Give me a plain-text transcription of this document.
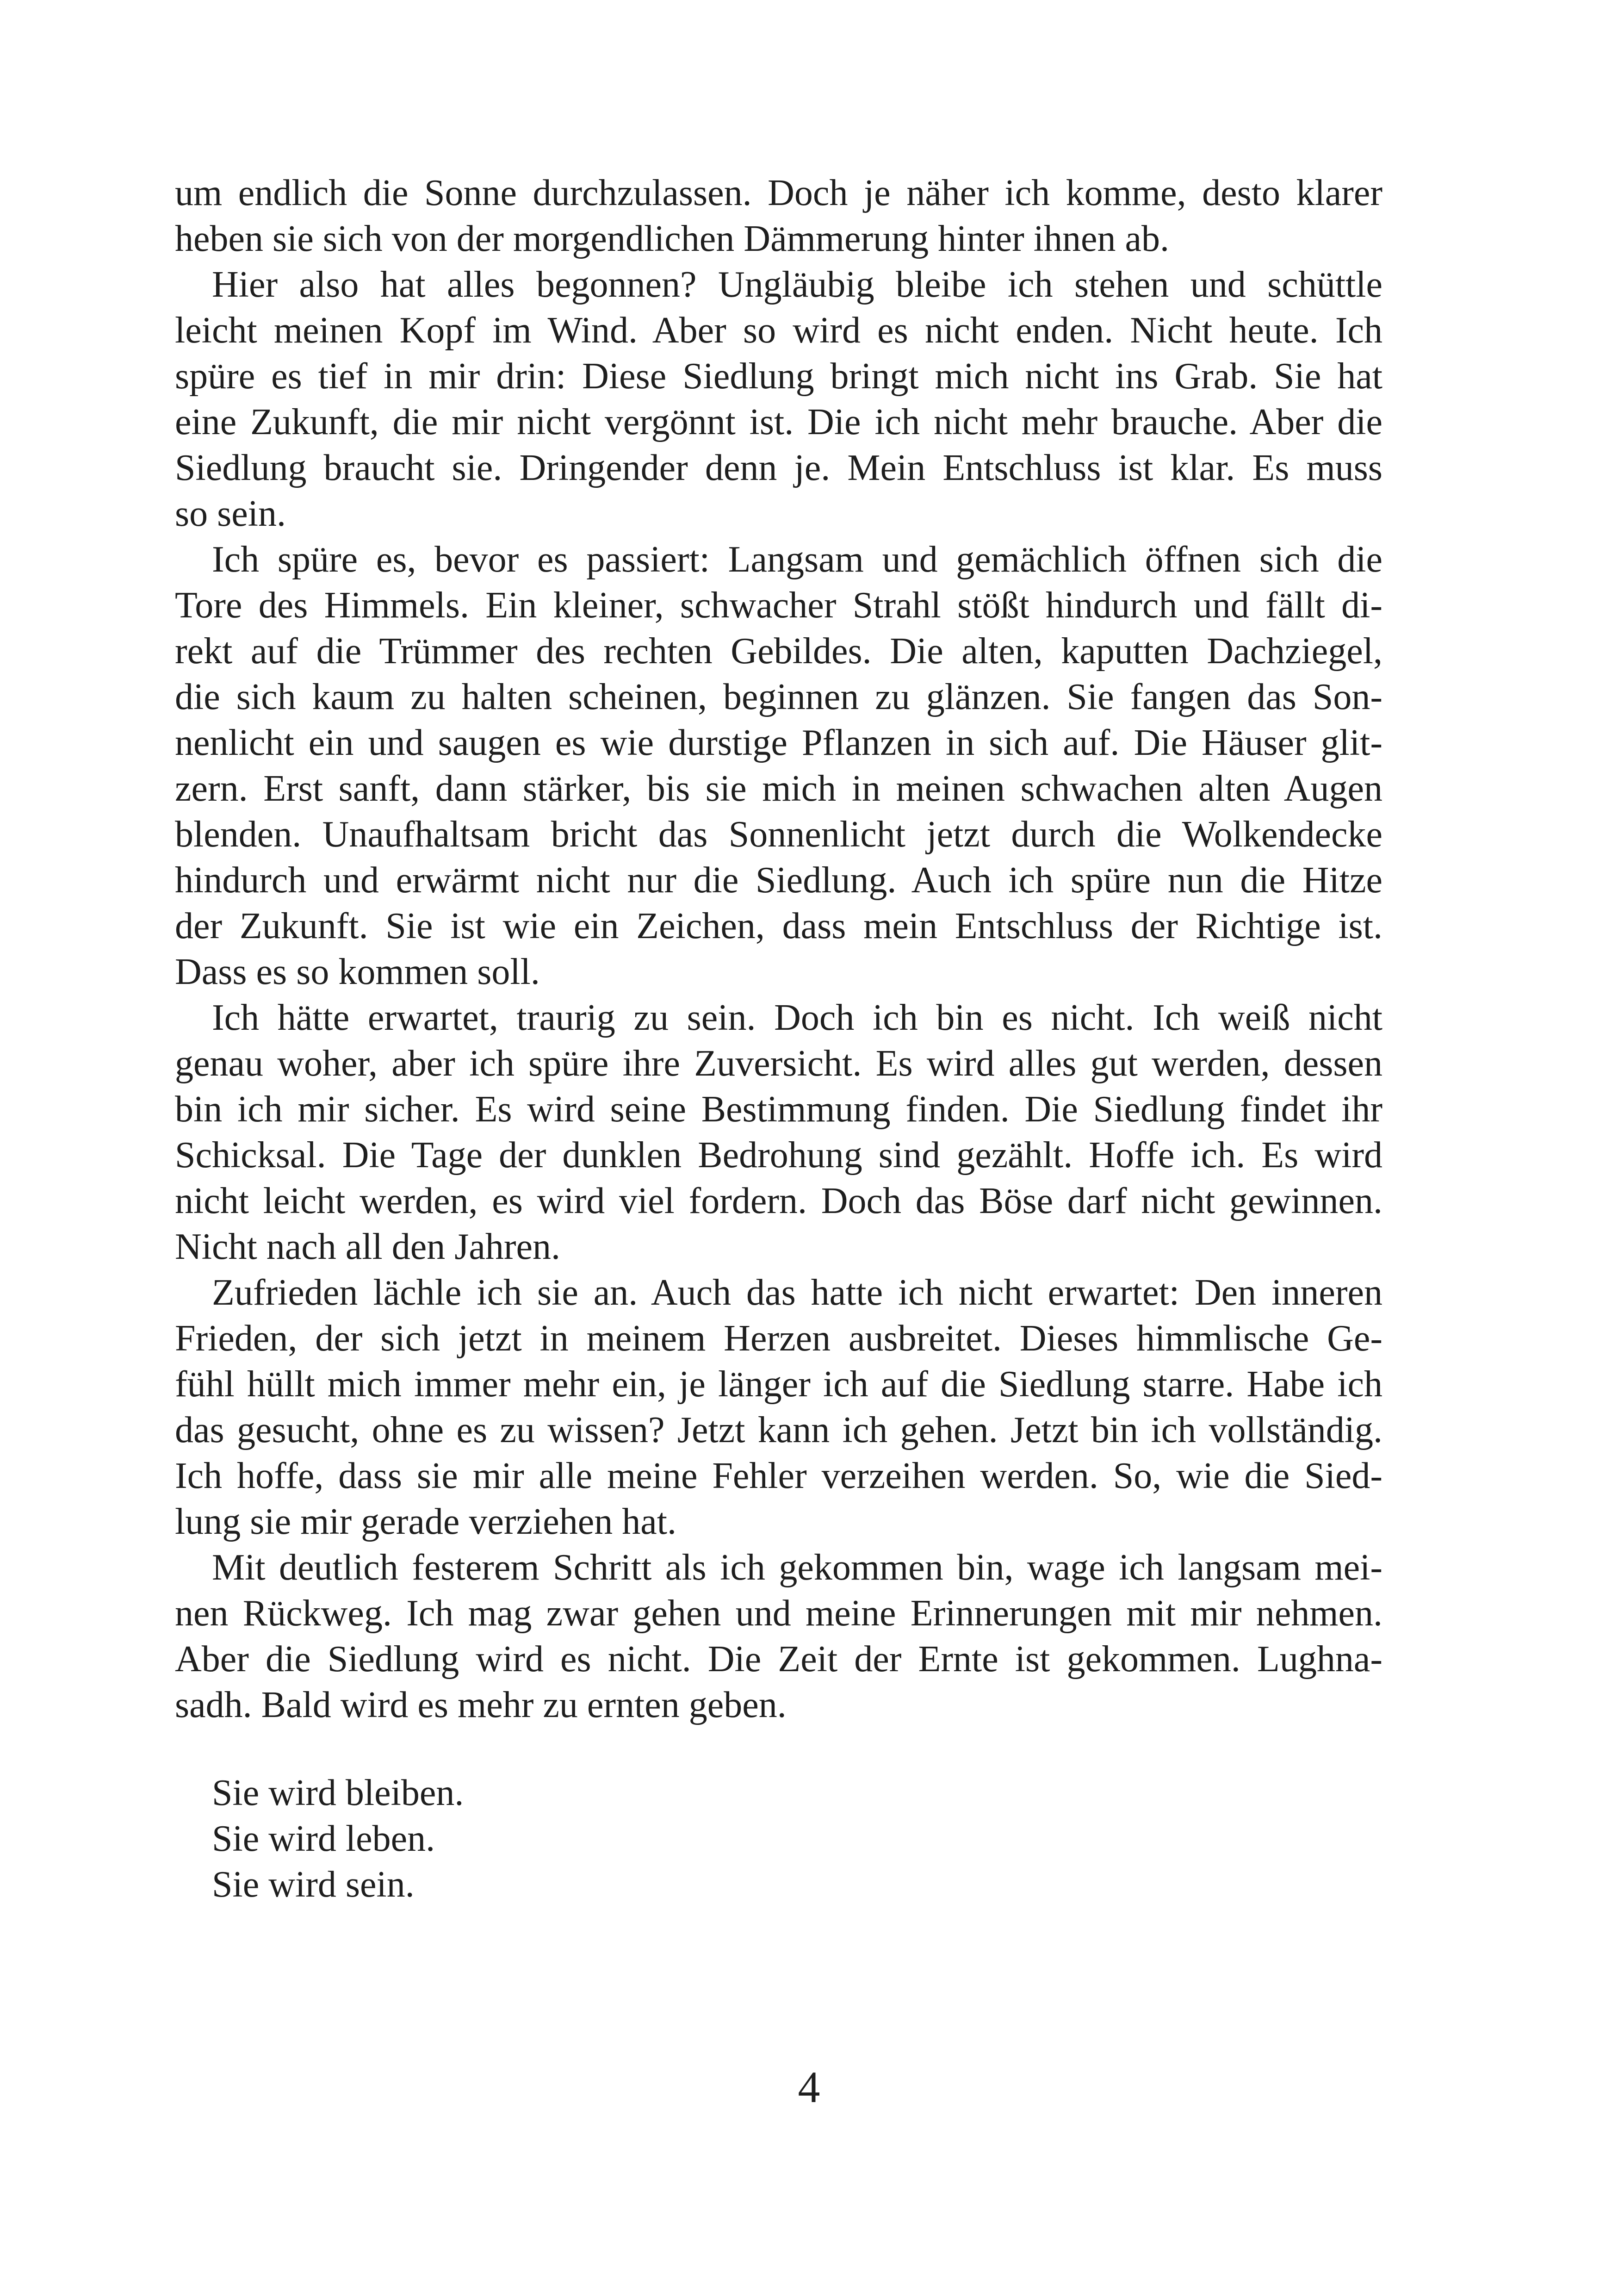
um endlich die Sonne durchzulassen. Doch je näher ich komme, desto klarer
heben sie sich von der morgendlichen Dämmerung hinter ihnen ab.
Hier also hat alles begonnen? Ungläubig bleibe ich stehen und schüttle
leicht meinen Kopf im Wind. Aber so wird es nicht enden. Nicht heute. Ich
spüre es tief in mir drin: Diese Siedlung bringt mich nicht ins Grab. Sie hat
eine Zukunft, die mir nicht vergönnt ist. Die ich nicht mehr brauche. Aber die
Siedlung braucht sie. Dringender denn je. Mein Entschluss ist klar. Es muss
so sein.
Ich spüre es, bevor es passiert: Langsam und gemächlich öffnen sich die
Tore des Himmels. Ein kleiner, schwacher Strahl stößt hindurch und fällt di-
rekt auf die Trümmer des rechten Gebildes. Die alten, kaputten Dachziegel,
die sich kaum zu halten scheinen, beginnen zu glänzen. Sie fangen das Son-
nenlicht ein und saugen es wie durstige Pflanzen in sich auf. Die Häuser glit-
zern. Erst sanft, dann stärker, bis sie mich in meinen schwachen alten Augen
blenden. Unaufhaltsam bricht das Sonnenlicht jetzt durch die Wolkendecke
hindurch und erwärmt nicht nur die Siedlung. Auch ich spüre nun die Hitze
der Zukunft. Sie ist wie ein Zeichen, dass mein Entschluss der Richtige ist.
Dass es so kommen soll.
Ich hätte erwartet, traurig zu sein. Doch ich bin es nicht. Ich weiß nicht
genau woher, aber ich spüre ihre Zuversicht. Es wird alles gut werden, dessen
bin ich mir sicher. Es wird seine Bestimmung finden. Die Siedlung findet ihr
Schicksal. Die Tage der dunklen Bedrohung sind gezählt. Hoffe ich. Es wird
nicht leicht werden, es wird viel fordern. Doch das Böse darf nicht gewinnen.
Nicht nach all den Jahren.
Zufrieden lächle ich sie an. Auch das hatte ich nicht erwartet: Den inneren
Frieden, der sich jetzt in meinem Herzen ausbreitet. Dieses himmlische Ge-
fühl hüllt mich immer mehr ein, je länger ich auf die Siedlung starre. Habe ich
das gesucht, ohne es zu wissen? Jetzt kann ich gehen. Jetzt bin ich vollständig.
Ich hoffe, dass sie mir alle meine Fehler verzeihen werden. So, wie die Sied-
lung sie mir gerade verziehen hat.
Mit deutlich festerem Schritt als ich gekommen bin, wage ich langsam mei-
nen Rückweg. Ich mag zwar gehen und meine Erinnerungen mit mir nehmen.
Aber die Siedlung wird es nicht. Die Zeit der Ernte ist gekommen. Lughna-
sadh. Bald wird es mehr zu ernten geben.
Sie wird bleiben.
Sie wird leben.
Sie wird sein.
4
